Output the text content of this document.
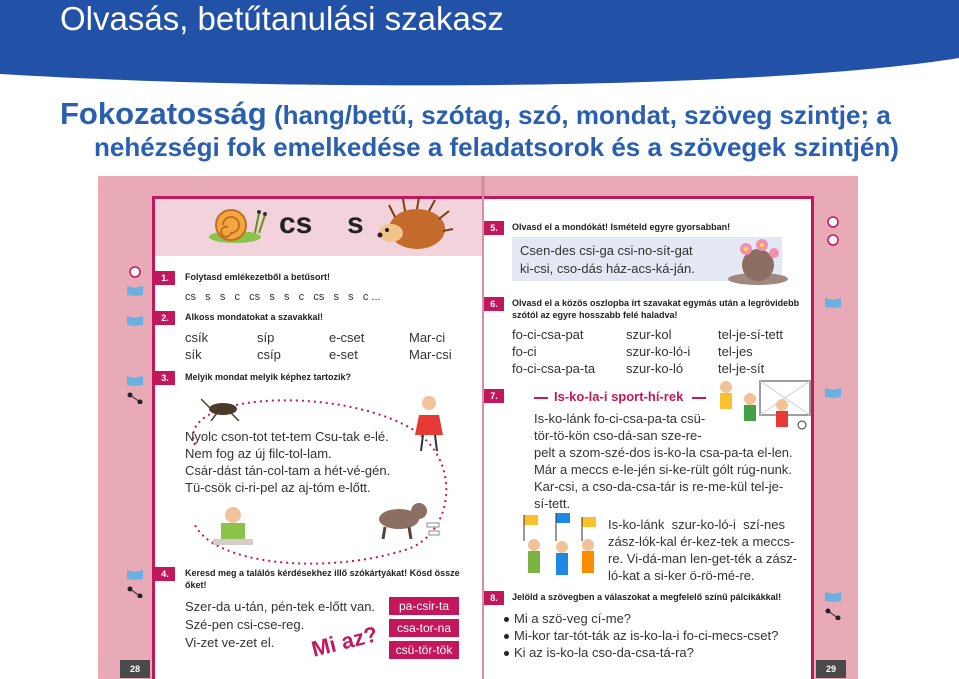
Olvasás, betűtanulási szakasz
Fokozatosság (hang/betű, szótag, szó, mondat, szöveg szintje; a
nehézségi fok emelkedése a feladatsorok és a szövegek szintjén)
cs s
1.	Folytasd emlékezetből a betűsort!
cs   s   s   c   cs   s   s   c   cs   s   s   c ...
2.	Alkoss mondatokat a szavakkal!
csík	síp	e-cset	Mar-ci
sík	csíp	e-set	Mar-csi
3.	Melyik mondat melyik képhez tartozik?
Nyolc cson-tot tet-tem Csu-tak e-lé.
Nem fog az új filc-tol-lam.
Csár-dást tán-col-tam a hét-vé-gén.
Tü-csök ci-ri-pel az aj-tóm e-lőtt.
4.	Keresd meg a találós kérdésekhez illő szókártyákat! Kösd össze
őket!
Szer-da u-tán, pén-tek e-lőtt van.
Szé-pen csi-cse-reg.
Vi-zet ve-zet el.
pa-csir-ta
csa-tor-na
csü-tör-tök
Mi az?
28
5.	Olvasd el a mondókát! Ismételd egyre gyorsabban!
Csen-des csi-ga csi-no-sít-gat
ki-csi, cso-dás ház-acs-ká-ján.
6.	Olvasd el a közös oszlopba írt szavakat egymás után a legrövidebb
szótól az egyre hosszabb felé haladva!
fo-ci-csa-pat	szur-kol	tel-je-sí-tett
fo-ci	szur-ko-ló-i tel-jes
fo-ci-csa-pa-ta szur-ko-ló	tel-je-sít
7.	Is-ko-la-i sport-hí-rek
Is-ko-lánk fo-ci-csa-pa-ta csü-
tör-tö-kön cso-dá-san sze-re-
pelt a szom-szé-dos is-ko-la csa-pa-ta el-len.
Már a meccs e-le-jén si-ke-rült gólt rúg-nunk.
Kar-csi, a cso-da-csa-tár is re-me-kül tel-je-
sí-tett.
Is-ko-lánk  szur-ko-ló-i  szí-nes
zász-lók-kal ér-kez-tek a meccs-
re. Vi-dá-man len-get-ték a zász-
ló-kat a si-ker ö-rö-mé-re.
8.	Jelöld a szövegben a válaszokat a megfelelő színű pálcikákkal!
Mi a szö-veg cí-me?
Mi-kor tar-tót-ták az is-ko-la-i fo-ci-mecs-cset?
Ki az is-ko-la cso-da-csa-tá-ra?
29
